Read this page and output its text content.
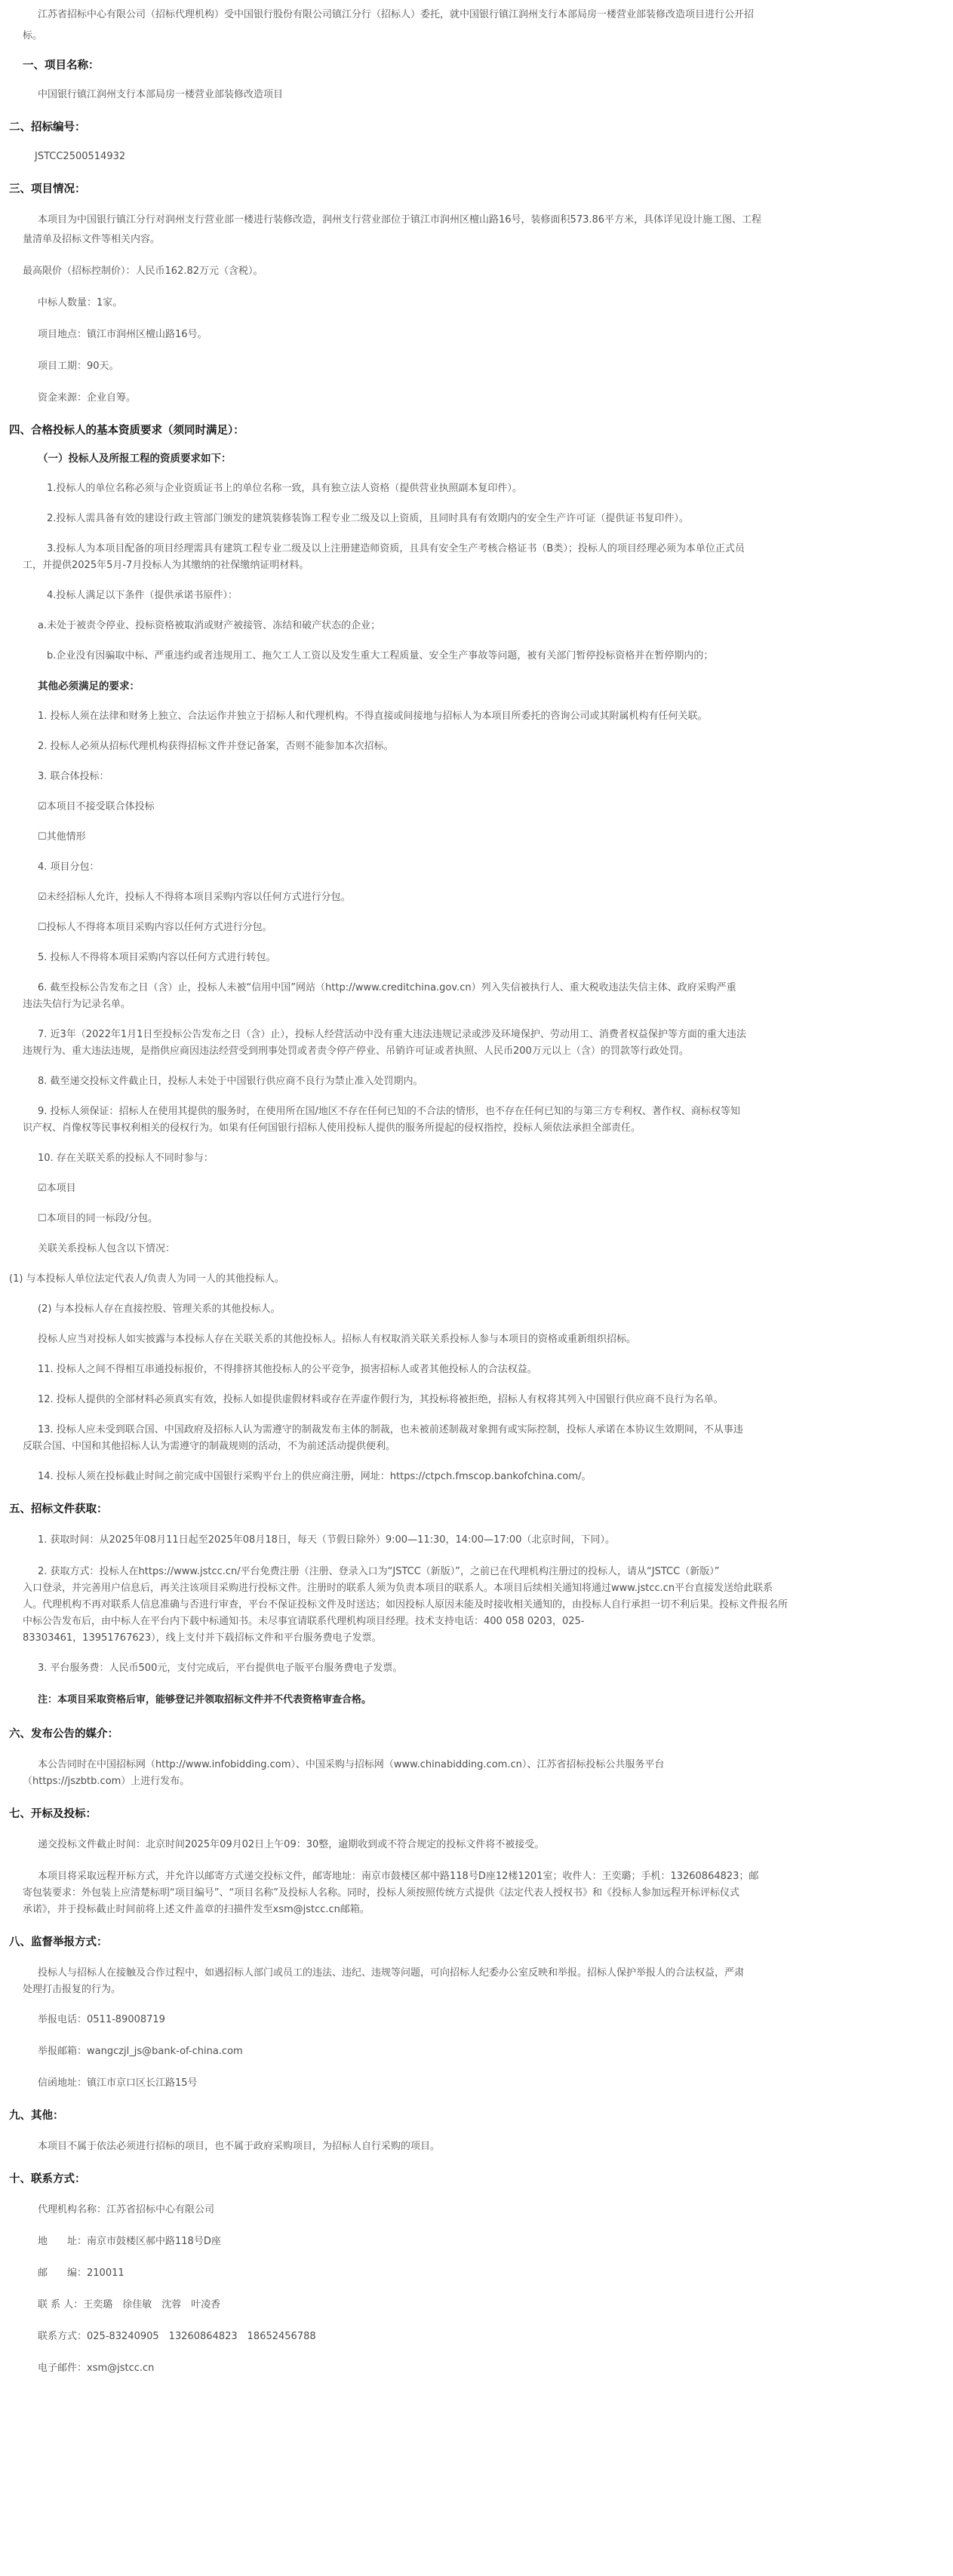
江苏省招标中心有限公司（招标代理机构）受中国银行股份有限公司镇江分行（招标人）委托，就中国银行镇江润州支行本部局房一楼营业部装修改造项目进行公开招
标。
一、项目名称：
中国银行镇江润州支行本部局房一楼营业部装修改造项目
二、招标编号：
JSTCC2500514932
三、项目情况：
本项目为中国银行镇江分行对润州支行营业部一楼进行装修改造，润州支行营业部位于镇江市润州区檀山路16号，装修面积573.86平方米，具体详见设计施工图、工程
量清单及招标文件等相关内容。
最高限价（招标控制价）：人民币162.82万元（含税）。
中标人数量：1家。
项目地点：镇江市润州区檀山路16号。
项目工期：90天。
资金来源：企业自筹。
四、合格投标人的基本资质要求（须同时满足）：
（一）投标人及所报工程的资质要求如下：
1.投标人的单位名称必须与企业资质证书上的单位名称一致，具有独立法人资格（提供营业执照副本复印件）。
2.投标人需具备有效的建设行政主管部门颁发的建筑装修装饰工程专业二级及以上资质，且同时具有有效期内的安全生产许可证（提供证书复印件）。
3.投标人为本项目配备的项目经理需具有建筑工程专业二级及以上注册建造师资质，且具有安全生产考核合格证书（B类）；投标人的项目经理必须为本单位正式员
工，并提供2025年5月-7月投标人为其缴纳的社保缴纳证明材料。
4.投标人满足以下条件（提供承诺书原件）：
a.未处于被责令停业、投标资格被取消或财产被接管、冻结和破产状态的企业；
b.企业没有因骗取中标、严重违约或者违规用工、拖欠工人工资以及发生重大工程质量、安全生产事故等问题，被有关部门暂停投标资格并在暂停期内的；
其他必须满足的要求：
1. 投标人须在法律和财务上独立、合法运作并独立于招标人和代理机构。不得直接或间接地与招标人为本项目所委托的咨询公司或其附属机构有任何关联。
2. 投标人必须从招标代理机构获得招标文件并登记备案，否则不能参加本次招标。
3. 联合体投标：
☑本项目不接受联合体投标
☐其他情形
4. 项目分包：
☑未经招标人允许，投标人不得将本项目采购内容以任何方式进行分包。
☐投标人不得将本项目采购内容以任何方式进行分包。
5. 投标人不得将本项目采购内容以任何方式进行转包。
6. 截至投标公告发布之日（含）止，投标人未被“信用中国”网站（http://www.creditchina.gov.cn）列入失信被执行人、重大税收违法失信主体、政府采购严重
违法失信行为记录名单。
7. 近3年（2022年1月1日至投标公告发布之日（含）止），投标人经营活动中没有重大违法违规记录或涉及环境保护、劳动用工、消费者权益保护等方面的重大违法
违规行为、重大违法违规，是指供应商因违法经营受到刑事处罚或者责令停产停业、吊销许可证或者执照、人民币200万元以上（含）的罚款等行政处罚。
8. 截至递交投标文件截止日，投标人未处于中国银行供应商不良行为禁止准入处罚期内。
9. 投标人须保证：招标人在使用其提供的服务时，在使用所在国/地区不存在任何已知的不合法的情形，也不存在任何已知的与第三方专利权、著作权、商标权等知
识产权、肖像权等民事权利相关的侵权行为。如果有任何国银行招标人使用投标人提供的服务所提起的侵权指控，投标人须依法承担全部责任。
10. 存在关联关系的投标人不同时参与：
☑本项目
☐本项目的同一标段/分包。
关联关系投标人包含以下情况：
(1) 与本投标人单位法定代表人/负责人为同一人的其他投标人。
(2) 与本投标人存在直接控股、管理关系的其他投标人。
投标人应当对投标人如实披露与本投标人存在关联关系的其他投标人。招标人有权取消关联关系投标人参与本项目的资格或重新组织招标。
11. 投标人之间不得相互串通投标报价，不得排挤其他投标人的公平竞争，损害招标人或者其他投标人的合法权益。
12. 投标人提供的全部材料必须真实有效，投标人如提供虚假材料或存在弄虚作假行为，其投标将被拒绝，招标人有权将其列入中国银行供应商不良行为名单。
13. 投标人应未受到联合国、中国政府及招标人认为需遵守的制裁发布主体的制裁，也未被前述制裁对象拥有或实际控制，投标人承诺在本协议生效期间，不从事违
反联合国、中国和其他招标人认为需遵守的制裁规则的活动，不为前述活动提供便利。
14. 投标人须在投标截止时间之前完成中国银行采购平台上的供应商注册，网址：https://ctpch.fmscop.bankofchina.com/。
五、招标文件获取：
1. 获取时间：从2025年08月11日起至2025年08月18日，每天（节假日除外）9:00—11:30，14:00—17:00（北京时间，下同）。
2. 获取方式：投标人在https://www.jstcc.cn/平台免费注册（注册、登录入口为“JSTCC（新版）”，之前已在代理机构注册过的投标人，请从“JSTCC（新版）”
入口登录，并完善用户信息后，再关注该项目采购进行投标文件。注册时的联系人须为负责本项目的联系人。本项目后续相关通知将通过www.jstcc.cn平台直接发送给此联系
人。代理机构不再对联系人信息准确与否进行审查，平台不保证投标文件及时送达；如因投标人原因未能及时接收相关通知的，由投标人自行承担一切不利后果。投标文件报名所
中标公告发布后，由中标人在平台内下载中标通知书。未尽事宜请联系代理机构项目经理。技术支持电话：400 058 0203，025-
83303461，13951767623），线上支付并下载招标文件和平台服务费电子发票。
3. 平台服务费：人民币500元，支付完成后，平台提供电子版平台服务费电子发票。
注：本项目采取资格后审，能够登记并领取招标文件并不代表资格审查合格。
六、发布公告的媒介：
本公告同时在中国招标网（http://www.infobidding.com）、中国采购与招标网（www.chinabidding.com.cn）、江苏省招标投标公共服务平台
（https://jszbtb.com）上进行发布。
七、开标及投标：
递交投标文件截止时间：北京时间2025年09月02日上午09：30整，逾期收到或不符合规定的投标文件将不被接受。
本项目将采取远程开标方式，并允许以邮寄方式递交投标文件，邮寄地址：南京市鼓楼区郝中路118号D座12楼1201室；收件人：王奕璐；手机：13260864823；邮
寄包装要求：外包装上应清楚标明“项目编号”、“项目名称”及投标人名称。同时，投标人须按照传统方式提供《法定代表人授权书》和《投标人参加远程开标评标仪式
承诺》，并于投标截止时间前将上述文件盖章的扫描件发至xsm@jstcc.cn邮箱。
八、监督举报方式：
投标人与招标人在接触及合作过程中，如遇招标人部门或员工的违法、违纪、违规等问题，可向招标人纪委办公室反映和举报。招标人保护举报人的合法权益，严肃
处理打击报复的行为。
举报电话：0511-89008719
举报邮箱：wangczjl_js@bank-of-china.com
信函地址：镇江市京口区长江路15号
九、其他：
本项目不属于依法必须进行招标的项目，也不属于政府采购项目，为招标人自行采购的项目。
十、联系方式：
代理机构名称：江苏省招标中心有限公司
地　　址：南京市鼓楼区郝中路118号D座
邮　　编：210011
联 系 人：王奕璐　徐佳敏　沈蓉　叶凌香
联系方式：025-83240905　13260864823　18652456788
电子邮件：xsm@jstcc.cn
